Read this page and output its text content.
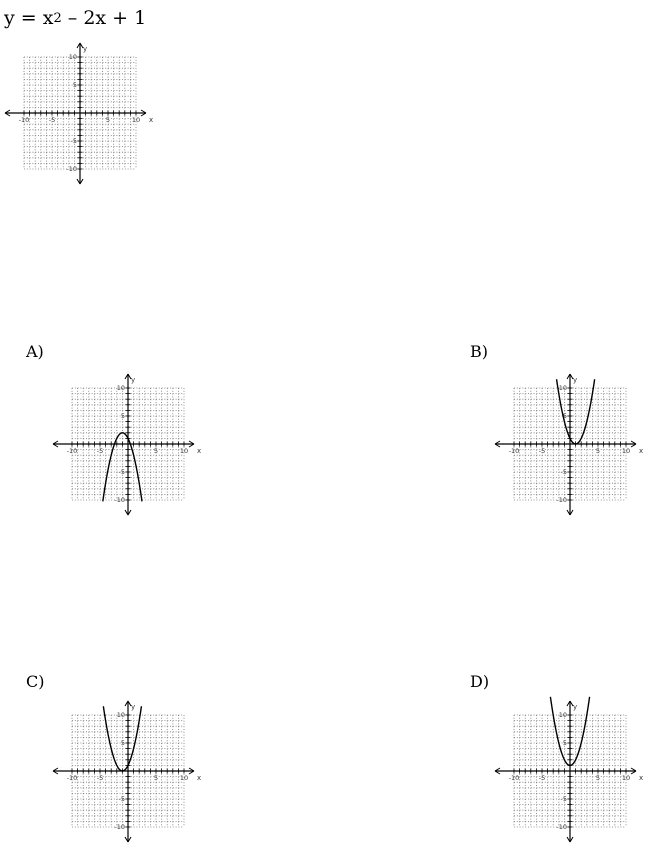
$y = x^2 - 2x + 1$
-10	-5	5	10
10
5
-5
-10
x
y
A)
-10	-5	5	10
10
5
-5
-10
x
y
B)
-10	-5	5	10
10
5
-5
-10
x
y
C)
-10	-5	5	10
10
5
-5
-10
x
y
D)
-10	-5	5	10
10
5
-5
-10
x
y
